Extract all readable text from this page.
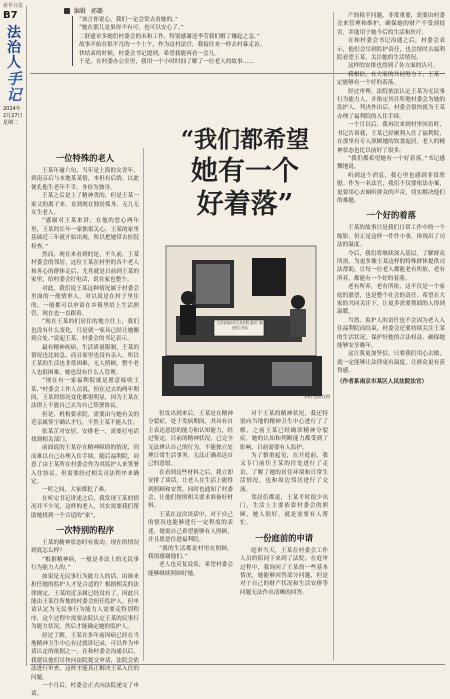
新华日报
B7
法
治
人
手
记
2024年
2月27日
星期二
编辑 郭璐

“该言你说心，我们一定会常去看她的。”

“她在那儿是果你不有可，也可以安心了。”

二舒遗章多她们村委会的末和工作，特别感谢送李劳我们解了嫌起之急。”

故事开始在很平凡的一个上午，作为这村法官，我接住来一样去村暴走访。

快结束的时候，村委会书记提到，希望我能再看一会儿。

于是，在村委办公室里，我用一个小时时间了解了一位老人的故事……

“我们都希望
她有一个
好着落”
江苏省南京市人民法院 南京门前 法院工作站
李明 出版作图
一位特殊的老人

王某年逾六旬，当年是上海的女青年，到南京后与本地某某情，本但有后情，以此便孔他生老年不幸，身份为独身。

王某之后是上了精神类的，但是王某一家父的离子来，直到现在独居孤身，无儿无女生老人。

“感谢对王某来讲，在他的恶心两年里，王某的长年一家独很关心，王某的家里基础近三年就开始出现，所以把她带去医院检查。”

然而，现在来看到的是，不久前，王某村委会的邻居，这位王某在村里的各个老人和善心的群体走后，尤其就是目前到王某的家里，给村委会打电话，说在家也整个。

对此，我们说王某这种情况属于村委会里面的一般情形人，对以说是在村子里住的，一般都可以申请在乡镇里给上生活照管，现在也一直跟着。

“现在王某的们居住的地方住上，我们也没有什么变化，只是就一家具已经让她搬到合处。”说起王某，村委会的书记表示。

最有精神疾病，生活质量限制，王某的情况也比较急。而且家里也没有亲人，所以王某的生活也非常困难，无人照顾，整个老人也很困难，她也没有什么人管理。

“现在有一家福利院就是愿意接收王某，”村委会工作人员说，但在过去的两年期间，王某的情况变化都很明显，因为王某在法律上不能自己去为自己签署协议。

但是，机构要求院，需要由与她有关的近亲属签字确认才行，不然王某不能入住。

张某芷对安居，安排老一，需要打电话找到相关部门。

前面说的王某存在精神障碍的情况，因而难以自己办理入住手续。随后福利院，同意了由王某所在村委会作为其监护人来签署入住协议，但需要经过相关司法程序来确定。

一时之间，大家都犯了难。

在听完书记讲述之后，我发现王某的情况并不少见，这样的老人，其实需要我们帮助她找到一个合适的“家”。

一次特别的程序

王某的精神状态时有波动，现在的情况到底怎么样？

“根据精神病，一般是非法上的无民事行为能力人的。”

如果是无民事行为能力人的话，由谁来担任她的监护人才是合适的？根据相关的法律规定，王某的近亲属已经没有了，因此只能由王某住所地的村委会担任监护人，但申请认定为无民事行为能力人需要走特别程序，这个过程中需要法院认定王某的民事行为能力状况，然后才能确定她的监护人。

经过了解，王某在多年前因病已经在当地精神卫生中心有过就诊记录，可以作为申请认定的依据之一。在和村委会沟通以后，我建议他们尽快向法院提交申请，法院会依法进行审查，这样才能真正解决王某入住的问题。

一个月后，村委会正式向法院递交了申请。

但发出到来后，王某是在精神分裂症，处于发病期间，其具有自主表达意思的能力和认知能力，经过鉴定，目前的精神状况，已完全无法辨认自己的行为，不能独立处理日常生活事务，无法正确表达自己的意愿。

在看到这些材料之后，我立即安排了谈话，让老人在生活上能得到照顾和安置，同时也通知了村委会，让他们按照相关要求准备好材料。

王某在这次谈话中，对于自己的情况也能够进行一定程度的表述，她说自己希望能够有人照顾，并且愿意住进福利院。

“我的生活都是村里在照顾，我很感谢他们。”

老人也反复说着，希望村委会能够继续照顾好她。

对于王某的精神状况，我还特别向当地的精神卫生中心进行了了解，之前王某已经确诊精神分裂症，她的认知和判断能力都受到了影响，目前需要有人监护。

为了慎重起见，在开庭前，我又专门前往王某的住处进行了走访，了解了她的居住环境和日常生活情况，也和周边邻居进行了交流。

邻居们都说，王某平时很少出门，生活上主要依靠村委会的照顾，她人很好，就是需要有人帮忙。

一份庭前的申请

庭审当天，王某在村委会工作人员的陪同下来到了法院。在庭审过程中，我询问了王某的一些基本情况，她能够回答部分问题，但是对于自己的财产状况和生活安排等问题无法作出清晰的回答。

产的租平问题，非常重要，需要由村委会来管理和维护，确保她的财产不受到侵害，并能用于她今后的生活和医疗。

在和村委会书记沟通之后，村委会表示，他们会尽到监护责任，也会按时去福利院看望王某，关注她的生活情况。

这样的安排也得到了各方面的认可。

我相信，在大家的共同努力下，王某一定能够有一个好的着落。

经过审理，法院依法认定王某为无民事行为能力人，并指定其住所地村委会为她的监护人。判决作出后，村委会很快就为王某办理了福利院的入住手续。

一个月以后，我再次来到村里回访时，书记告诉我，王某已经顺利入住了福利院，在那里有专人照顾她的饮食起居，老人的精神状态也比以前好了很多。

“我们都希望她有一个好着落。”书记感慨地说。

听到这个消息，我心里也感到非常欣慰。作为一名法官，我们不仅要依法办案，更要用心去倾听群众的声音，切实解决他们的难题。

一个好的着落

王某的故事只是我们日常工作中的一个缩影，但正是这样一件件小事，体现出了司法的温度。

今后，我们将继续深入基层，了解群众所需，为更多像王某这样的特殊群体提供司法帮助，让每一位老人都能老有所依、老有所养，都能有一个好的着落。

老有所养，老有所依，这不仅是一个家庭的愿望，也是整个社会的责任。希望在大家的共同关注下，让更多需要帮助的人得到温暖。

当然，监护人的责任也不会因为老人入住福利院而结束，村委会还要持续关注王某的生活状况，保护好她的合法权益，确保她能够安享晚年。

这让我更加坚信，只要我们用心去做，就一定能够让法律更有温度，让群众更有获得感。

（作者系南京市某区人民法院法官）
